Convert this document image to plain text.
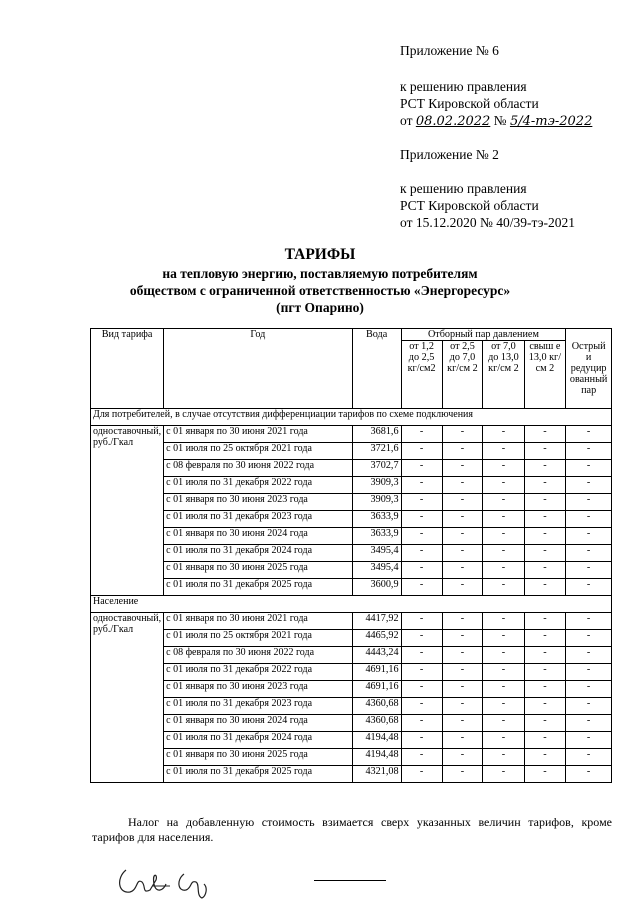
Приложение № 6
к решению правления
РСТ Кировской области
от 08.02.2022 № 5/4-тэ-2022
Приложение № 2
к решению правления
РСТ Кировской области
от 15.12.2020 № 40/39-тэ-2021
ТАРИФЫ
на тепловую энергию, поставляемую потребителям
обществом с ограниченной ответственностью «Энергоресурс»
(пгт Опарино)
Вид тарифа	Год	Вода	Отборный пар давлением				Острый и редуцир ованный пар
			от 1,2 до 2,5 кг/см2	от 2,5 до 7,0 кг/см 2	от 7,0 до 13,0 кг/см 2	свыш е 13,0 кг/см 2	
Для потребителей, в случае отсутствия дифференциации тарифов по схеме подключения							
одноставочный, руб./Гкал	с 01 января по 30 июня 2021 года	3681,6	-	-	-	-	-
	с 01 июля по 25 октября 2021 года	3721,6	-	-	-	-	-
	с 08 февраля по 30 июня 2022 года	3702,7	-	-	-	-	-
	с 01 июля по 31 декабря 2022 года	3909,3	-	-	-	-	-
	с 01 января по 30 июня 2023 года	3909,3	-	-	-	-	-
	с 01 июля по 31 декабря 2023 года	3633,9	-	-	-	-	-
	с 01 января по 30 июня 2024 года	3633,9	-	-	-	-	-
	с 01 июля по 31 декабря 2024 года	3495,4	-	-	-	-	-
	с 01 января по 30 июня 2025 года	3495,4	-	-	-	-	-
	с 01 июля по 31 декабря 2025 года	3600,9	-	-	-	-	-
Население							
одноставочный, руб./Гкал	с 01 января по 30 июня 2021 года	4417,92	-	-	-	-	-
	с 01 июля по 25 октября 2021 года	4465,92	-	-	-	-	-
	с 08 февраля по 30 июня 2022 года	4443,24	-	-	-	-	-
	с 01 июля по 31 декабря 2022 года	4691,16	-	-	-	-	-
	с 01 января по 30 июня 2023 года	4691,16	-	-	-	-	-
	с 01 июля по 31 декабря 2023 года	4360,68	-	-	-	-	-
	с 01 января по 30 июня 2024 года	4360,68	-	-	-	-	-
	с 01 июля по 31 декабря 2024 года	4194,48	-	-	-	-	-
	с 01 января по 30 июня 2025 года	4194,48	-	-	-	-	-
	с 01 июля по 31 декабря 2025 года	4321,08	-	-	-	-	-

Налог на добавленную стоимость взимается сверх указанных величин тарифов, кроме тарифов для населения.
